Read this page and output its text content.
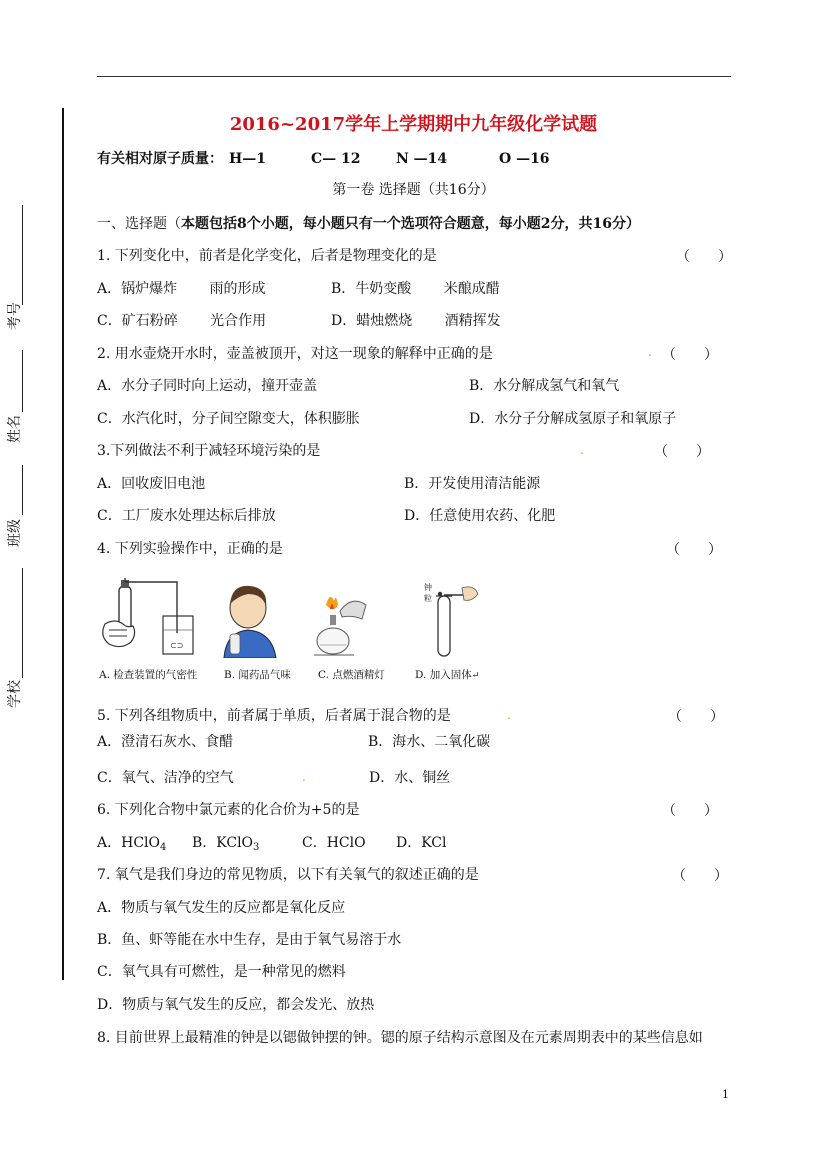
考号
姓名
班级
学校
2016~2017学年上学期期中九年级化学试题
有关相对原子质量： H—1	C— 12	N —14	O —16
第一卷 选择题（共16分）
一、选择题（本题包括8个小题，每小题只有一个选项符合题意，每小题2分，共16分）
1. 下列变化中，前者是化学变化，后者是物理变化的是	（　　）
A．锅炉爆炸　　 雨的形成	B．牛奶变酸　　 米酿成醋
C．矿石粉碎　　 光合作用	D．蜡烛燃烧　　 酒精挥发
2. 用水壶烧开水时，壶盖被顶开，对这一现象的解释中正确的是	. （　　）
A．水分子同时向上运动，撞开壶盖	B．水分解成氢气和氧气
C．水汽化时，分子间空隙变大，体积膨胀	D．水分子分解成氢原子和氧原子
3.下列做法不利于减轻环境污染的是	.	（　　）
A．回收废旧电池	B．开发使用清洁能源
C．工厂废水处理达标后排放	D．任意使用农药、化肥
4. 下列实验操作中，正确的是	（　　）
⊂⊃
A. 检查装置的气密性	B. 闻药品气味	C. 点燃酒精灯
钟
粒
D. 加入固体↵
5. 下列各组物质中，前者属于单质，后者属于混合物的是	.	（　　）
A．澄清石灰水、食醋	B．海水、二氧化碳
C．氧气、洁净的空气	.	D．水、铜丝
6. 下列化合物中氯元素的化合价为+5的是	（　　）
A．HClO$_4$ B．KClO$_3$	C．HClO D．KCl
7. 氧气是我们身边的常见物质，以下有关氧气的叙述正确的是	（　　）
A．物质与氧气发生的反应都是氧化反应
B．鱼、虾等能在水中生存，是由于氧气易溶于水
C．氧气具有可燃性，是一种常见的燃料
D．物质与氧气发生的反应，都会发光、放热
8. 目前世界上最精准的钟是以锶做钟摆的钟。锶的原子结构示意图及在元素周期表中的某些信息如
1
